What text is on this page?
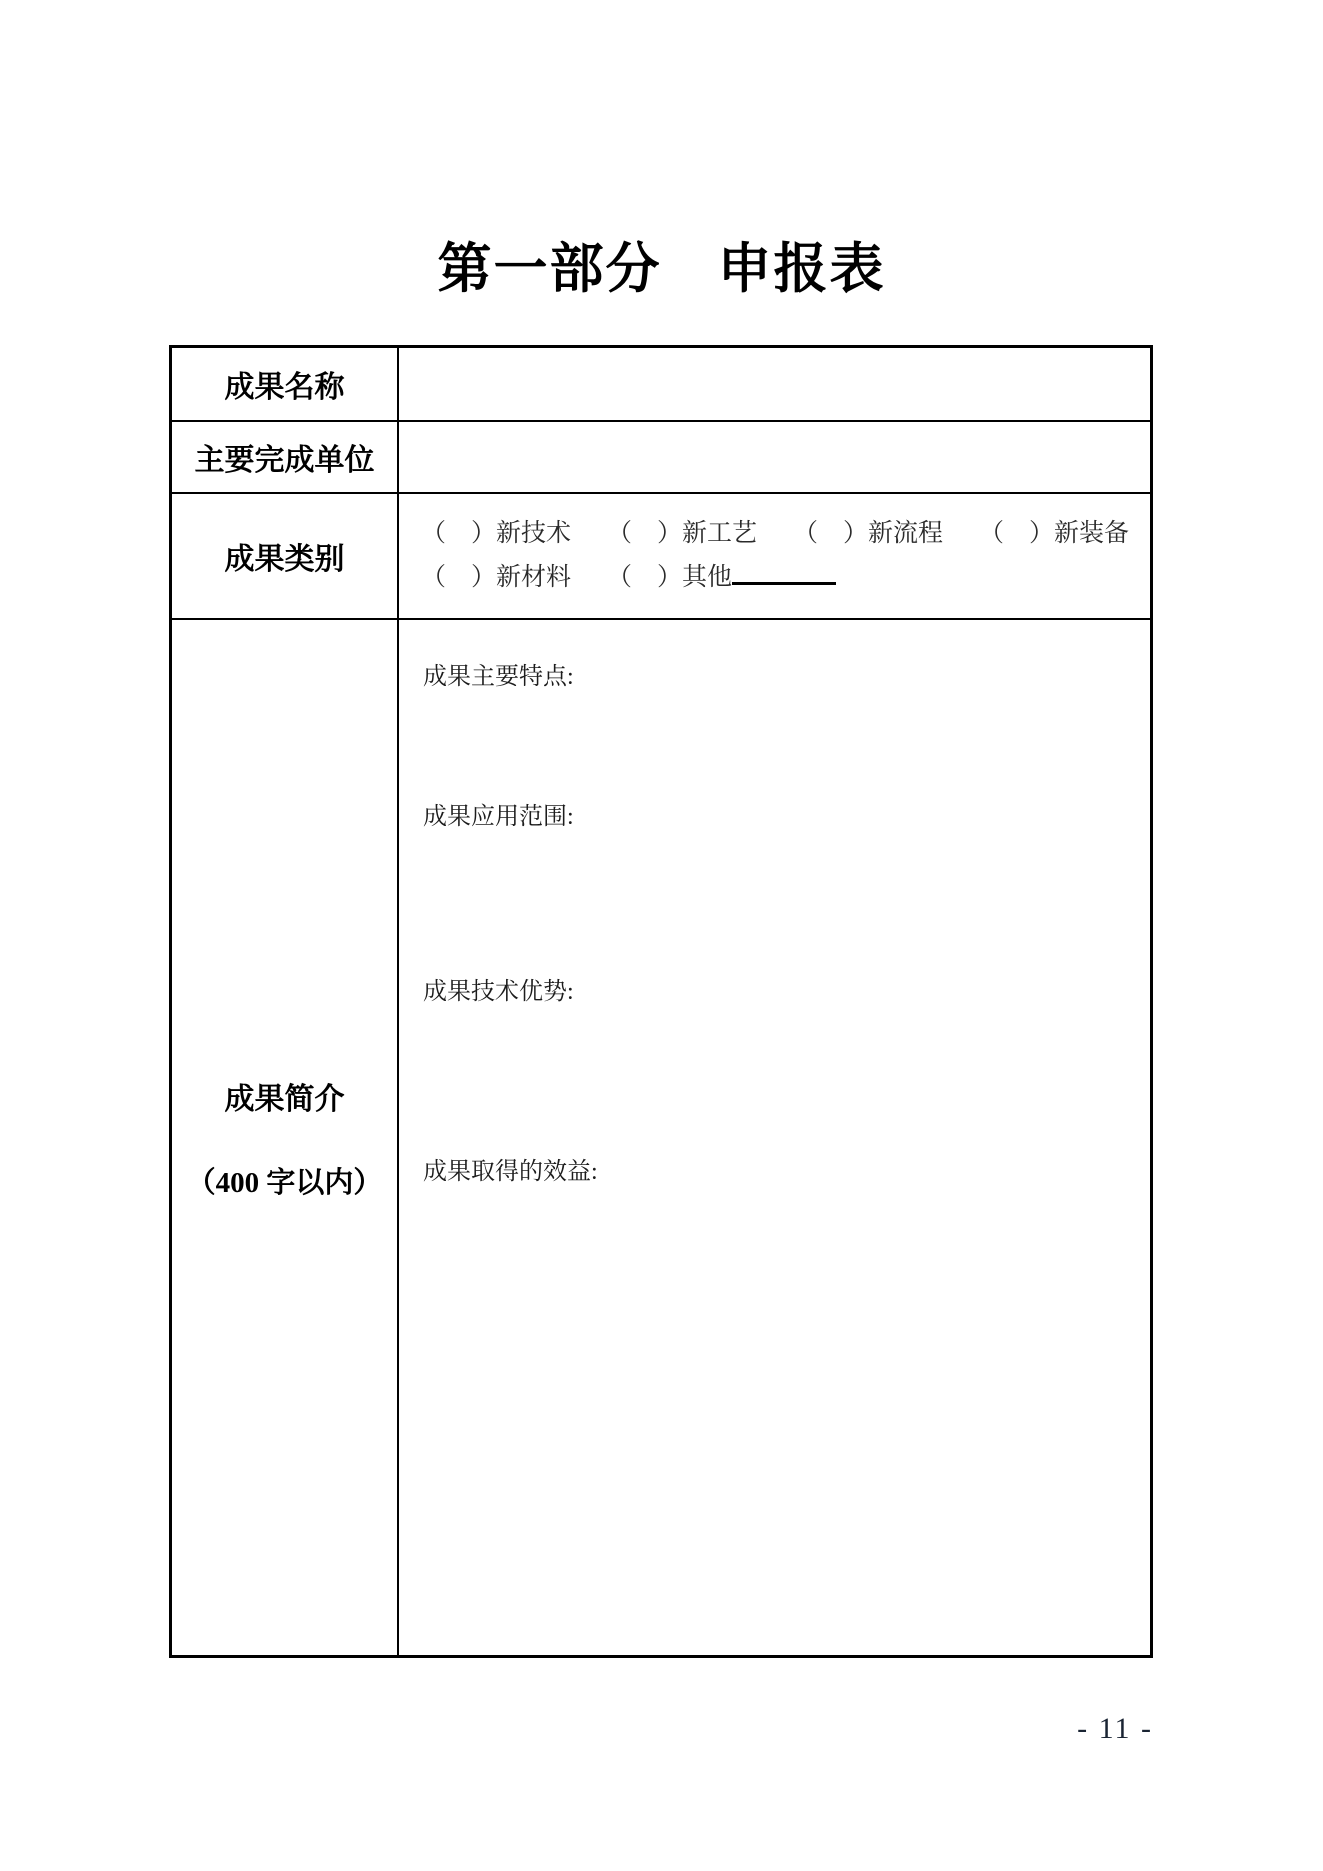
第一部分　申报表
成果名称
主要完成单位
成果类别
（　）新技术 （　）新工艺 （　）新流程 （　）新装备
（　）新材料 （　）其他
成果简介
（400 字以内）
成果主要特点:
成果应用范围:
成果技术优势:
成果取得的效益:
- 11 -
